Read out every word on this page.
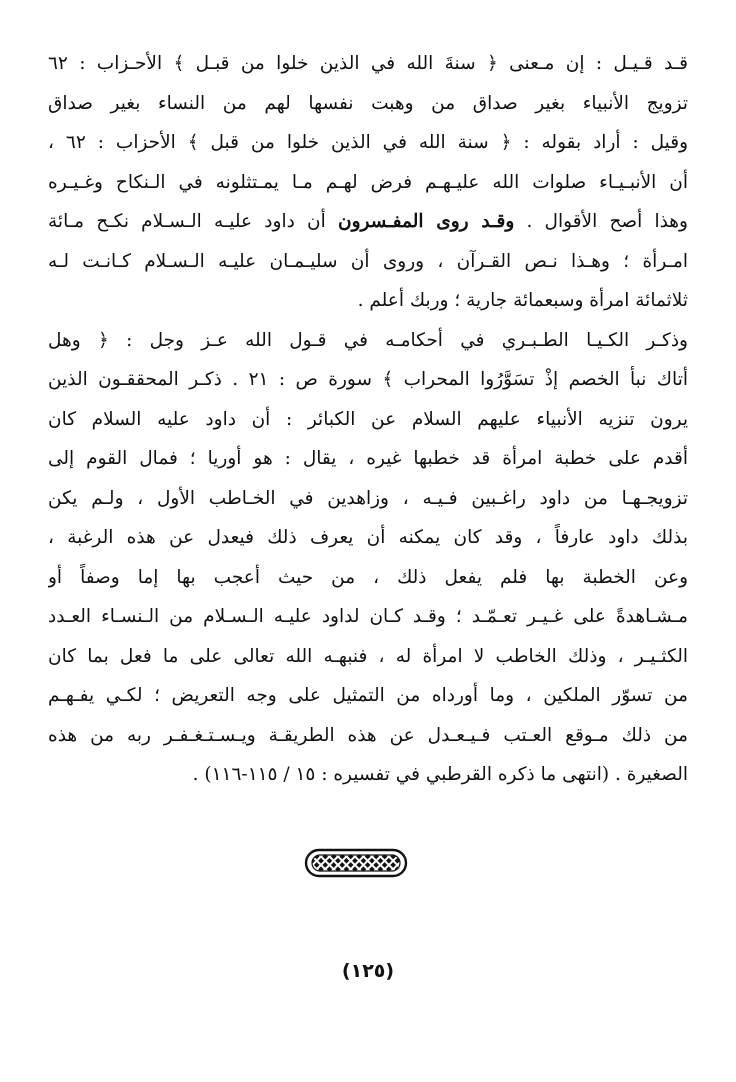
قـد قـيـل : إن مـعنى ﴿ سنةَ الله في الذين خلوا من قبـل ﴾ الأحـزاب : ٦٢
تزويج الأنبياء بغير صداق من وهبت نفسها لهم من النساء بغير صداق
وقيل : أراد بقوله : ﴿ سنة الله في الذين خلوا من قبل ﴾ الأحزاب : ٦٢ ،
أن الأنبـيـاء صلوات الله عليـهـم فرض لهـم مـا يمـتثلونه في الـنكاح وغـيـره
وهذا أصح الأقوال . وقـد روى المفـسرون أن داود عليـه الـسـلام نكـح مـائة
امـرأة ؛ وهـذا نـص القـرآن ، وروى أن سليـمـان عليـه الـسـلام كـانـت لـه
ثلاثمائة امرأة وسبعمائة جارية ؛ وربك أعلم .
وذكـر الكـيـا الطـبـري في أحكامـه في قـول الله عـز وجل : ﴿ وهل
أتاك نبأ الخصم إذْ تسَوَّرُوا المحراب ﴾ سورة ص : ٢١ . ذكـر المحققـون الذين
يرون تنزيه الأنبياء عليهم السلام عن الكبائر : أن داود عليه السلام كان
أقدم على خطبة امرأة قد خطبها غيره ، يقال : هو أوريا ؛ فمال القوم إلى
تزويجـهـا من داود راغـبين فـيـه ، وزاهدين في الخـاطب الأول ، ولـم يكن
بذلك داود عارفاً ، وقد كان يمكنه أن يعرف ذلك فيعدل عن هذه الرغبة ،
وعن الخطبة بها فلم يفعل ذلك ، من حيث أعجب بها إما وصفاً أو
مـشـاهدةً على غـيـر تعـمّـد ؛ وقـد كـان لداود عليـه الـسـلام من الـنسـاء العـدد
الكثـيـر ، وذلك الخاطب لا امرأة له ، فنبهـه الله تعالى على ما فعل بما كان
من تسوّر الملكين ، وما أورداه من التمثيل على وجه التعريض ؛ لكـي يفـهـم
من ذلك مـوقع العـتب فـيـعـدل عن هذه الطريقـة ويـسـتـغـفـر ربه من هذه
الصغيرة . (انتهى ما ذكره القرطبي في تفسيره : ١٥ / ١١٥-١١٦) .
(١٢٥)
